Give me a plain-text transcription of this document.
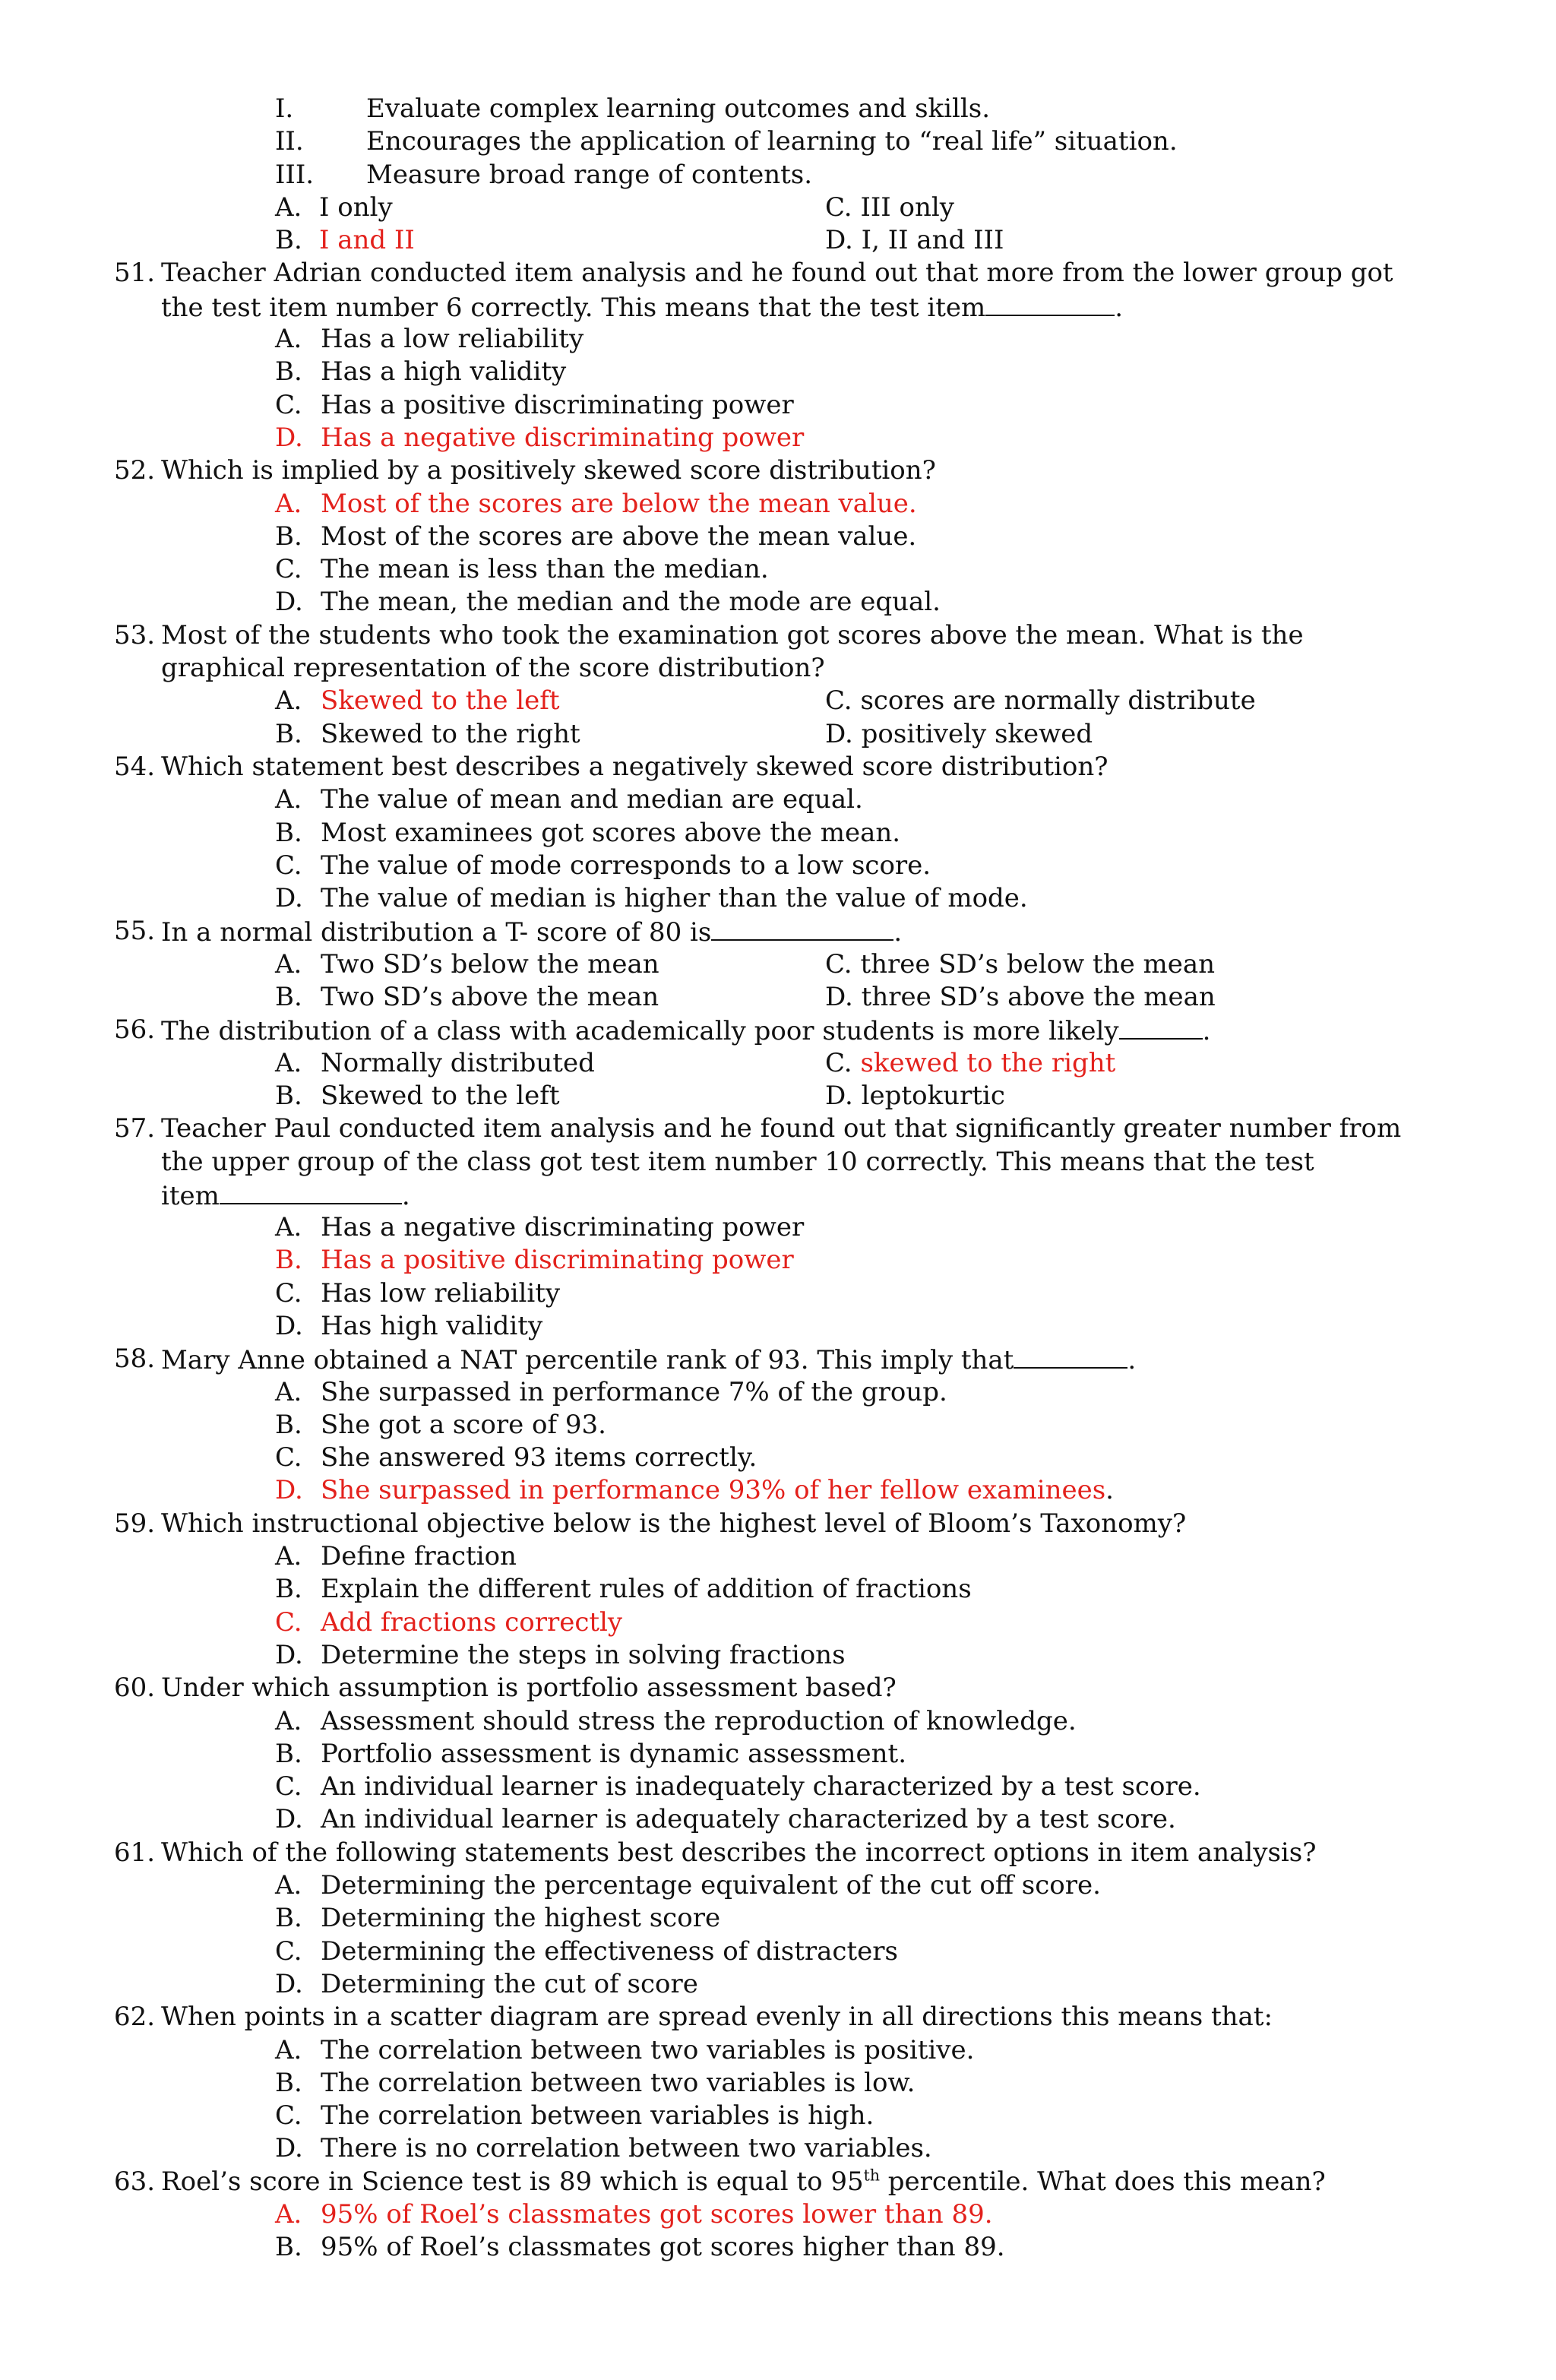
I.	Evaluate complex learning outcomes and skills.
II. Encourages the application of learning to “real life” situation.
III. Measure broad range of contents.
A. I only	C. III only
B. I and II	D. I, II and III
51. Teacher Adrian conducted item analysis and he found out that more from the lower group got
the test item number 6 correctly. This means that the test item	.
A. Has a low reliability
B. Has a high validity
C. Has a positive discriminating power
D. Has a negative discriminating power
52. Which is implied by a positively skewed score distribution?
A. Most of the scores are below the mean value.
B. Most of the scores are above the mean value.
C. The mean is less than the median.
D. The mean, the median and the mode are equal.
53. Most of the students who took the examination got scores above the mean. What is the
graphical representation of the score distribution?
A. Skewed to the left	C. scores are normally distribute
B. Skewed to the right	D. positively skewed
54. Which statement best describes a negatively skewed score distribution?
A. The value of mean and median are equal.
B. Most examinees got scores above the mean.
C. The value of mode corresponds to a low score.
D. The value of median is higher than the value of mode.
55. In a normal distribution a T- score of 80 is	.
A. Two SD’s below the mean	C. three SD’s below the mean
B. Two SD’s above the mean	D. three SD’s above the mean
56. The distribution of a class with academically poor students is more likely	.
A. Normally distributed	C. skewed to the right
B. Skewed to the left	D. leptokurtic
57. Teacher Paul conducted item analysis and he found out that significantly greater number from
the upper group of the class got test item number 10 correctly. This means that the test
item	.
A. Has a negative discriminating power
B. Has a positive discriminating power
C. Has low reliability
D. Has high validity
58. Mary Anne obtained a NAT percentile rank of 93. This imply that	.
A. She surpassed in performance 7% of the group.
B. She got a score of 93.
C. She answered 93 items correctly.
D. She surpassed in performance 93% of her fellow examinees.
59. Which instructional objective below is the highest level of Bloom’s Taxonomy?
A. Define fraction
B. Explain the different rules of addition of fractions
C. Add fractions correctly
D. Determine the steps in solving fractions
60. Under which assumption is portfolio assessment based?
A. Assessment should stress the reproduction of knowledge.
B. Portfolio assessment is dynamic assessment.
C. An individual learner is inadequately characterized by a test score.
D. An individual learner is adequately characterized by a test score.
61. Which of the following statements best describes the incorrect options in item analysis?
A. Determining the percentage equivalent of the cut off score.
B. Determining the highest score
C. Determining the effectiveness of distracters
D. Determining the cut of score
62. When points in a scatter diagram are spread evenly in all directions this means that:
A. The correlation between two variables is positive.
B. The correlation between two variables is low.
C. The correlation between variables is high.
D. There is no correlation between two variables.
63. Roel’s score in Science test is 89 which is equal to 95th percentile. What does this mean?
A. 95% of Roel’s classmates got scores lower than 89.
B. 95% of Roel’s classmates got scores higher than 89.
